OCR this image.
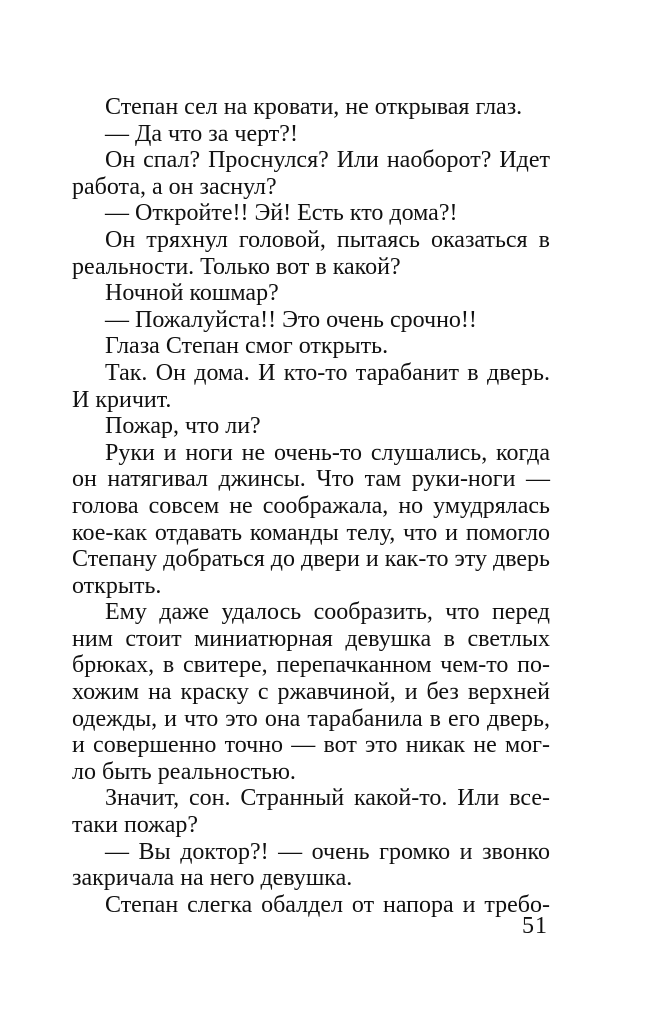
Степан сел на кровати, не открывая глаз.
— Да что за черт?!
Он спал? Проснулся? Или наоборот? Идет
работа, а он заснул?
— Откройте!! Эй! Есть кто дома?!
Он тряхнул головой, пытаясь оказаться в
реальности. Только вот в какой?
Ночной кошмар?
— Пожалуйста!! Это очень срочно!!
Глаза Степан смог открыть.
Так. Он дома. И кто-то тарабанит в дверь.
И кричит.
Пожар, что ли?
Руки и ноги не очень-то слушались, когда
он натягивал джинсы. Что там руки-ноги —
голова совсем не соображала, но умудрялась
кое-как отдавать команды телу, что и помогло
Степану добраться до двери и как-то эту дверь
открыть.
Ему даже удалось сообразить, что перед
ним стоит миниатюрная девушка в светлых
брюках, в свитере, перепачканном чем-то по-
хожим на краску с ржавчиной, и без верхней
одежды, и что это она тарабанила в его дверь,
и совершенно точно — вот это никак не мог-
ло быть реальностью.
Значит, сон. Странный какой-то. Или все-
таки пожар?
— Вы доктор?! — очень громко и звонко
закричала на него девушка.
Степан слегка обалдел от напора и требо-
51
